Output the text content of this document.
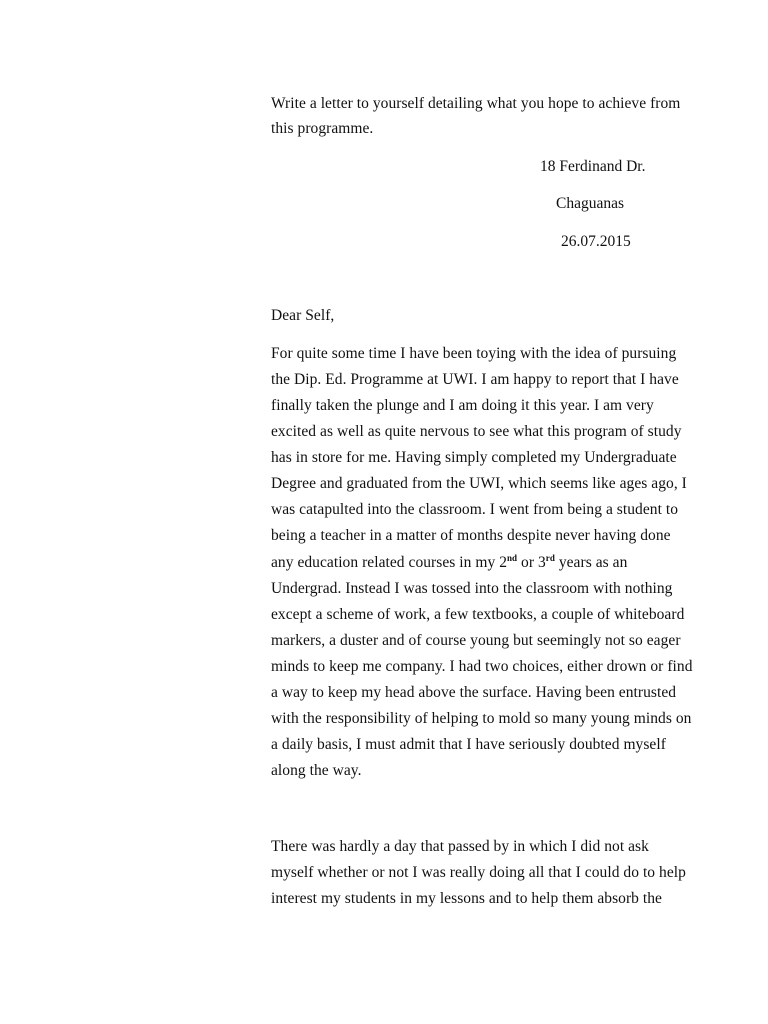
Write a letter to yourself detailing what you hope to achieve from
this programme.
18 Ferdinand Dr.
Chaguanas
26.07.2015
Dear Self,
For quite some time I have been toying with the idea of pursuing
the Dip. Ed. Programme at UWI. I am happy to report that I have
finally taken the plunge and I am doing it this year. I am very
excited as well as quite nervous to see what this program of study
has in store for me. Having simply completed my Undergraduate
Degree and graduated from the UWI, which seems like ages ago, I
was catapulted into the classroom. I went from being a student to
being a teacher in a matter of months despite never having done
any education related courses in my 2nd or 3rd years as an
Undergrad. Instead I was tossed into the classroom with nothing
except a scheme of work, a few textbooks, a couple of whiteboard
markers, a duster and of course young but seemingly not so eager
minds to keep me company. I had two choices, either drown or find
a way to keep my head above the surface. Having been entrusted
with the responsibility of helping to mold so many young minds on
a daily basis, I must admit that I have seriously doubted myself
along the way.
There was hardly a day that passed by in which I did not ask
myself whether or not I was really doing all that I could do to help
interest my students in my lessons and to help them absorb the
